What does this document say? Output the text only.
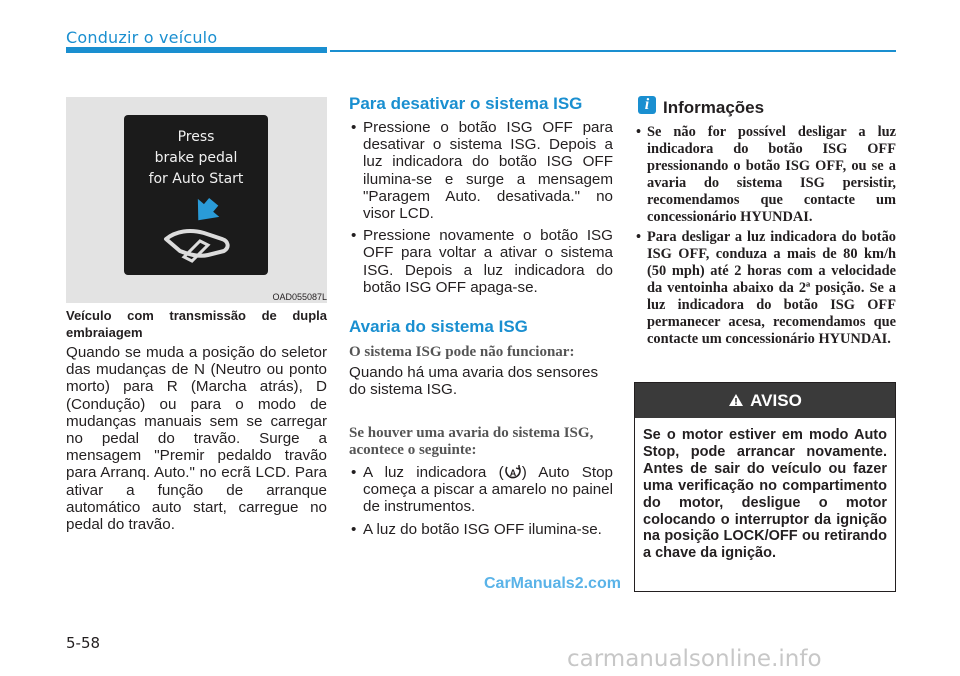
Conduzir o veículo
Press
brake pedal
for Auto Start
OAD055087L
Veículo com transmissão de dupla embraiagem
Quando se muda a posição do seletor das mudanças de N (Neutro ou ponto morto) para R (Marcha atrás), D (Condução) ou para o modo de mudanças manuais sem se carregar no pedal do travão. Surge a mensagem "Premir pedaldo travão para Arranq. Auto." no ecrã LCD. Para ativar a função de arranque automático auto start, carregue no pedal do travão.
Para desativar o sistema ISG
• Pressione o botão ISG OFF para desativar o sistema ISG. Depois a luz indicadora do botão ISG OFF ilumina-se e surge a mensagem "Paragem Auto. desativada." no visor LCD.
• Pressione novamente o botão ISG OFF para voltar a ativar o sistema ISG. Depois a luz indicadora do botão ISG OFF apaga-se.
Avaria do sistema ISG
O sistema ISG pode não funcionar:
Quando há uma avaria dos sensores do sistema ISG.
Se houver uma avaria do sistema ISG, acontece o seguinte:
• A luz indicadora ( A ) Auto Stop começa a piscar a amarelo no painel de instrumentos.
• A luz do botão ISG OFF ilumina-se.
i Informações
• Se não for possível desligar a luz indicadora do botão ISG OFF pressionando o botão ISG OFF, ou se a avaria do sistema ISG persistir, recomendamos que contacte um concessionário HYUNDAI.
• Para desligar a luz indicadora do botão ISG OFF, conduza a mais de 80 km/h (50 mph) até 2 horas com a velocidade da ventoinha abaixo da 2ª posição. Se a luz indicadora do botão ISG OFF permanecer acesa, recomendamos que contacte um concessionário HYUNDAI.
AVISO
Se o motor estiver em modo Auto Stop, pode arrancar novamente. Antes de sair do veículo ou fazer uma verificação no compartimento do motor, desligue o motor colocando o interruptor da ignição na posição LOCK/OFF ou retirando a chave da ignição.
CarManuals2.com
5-58
carmanualsonline.info
